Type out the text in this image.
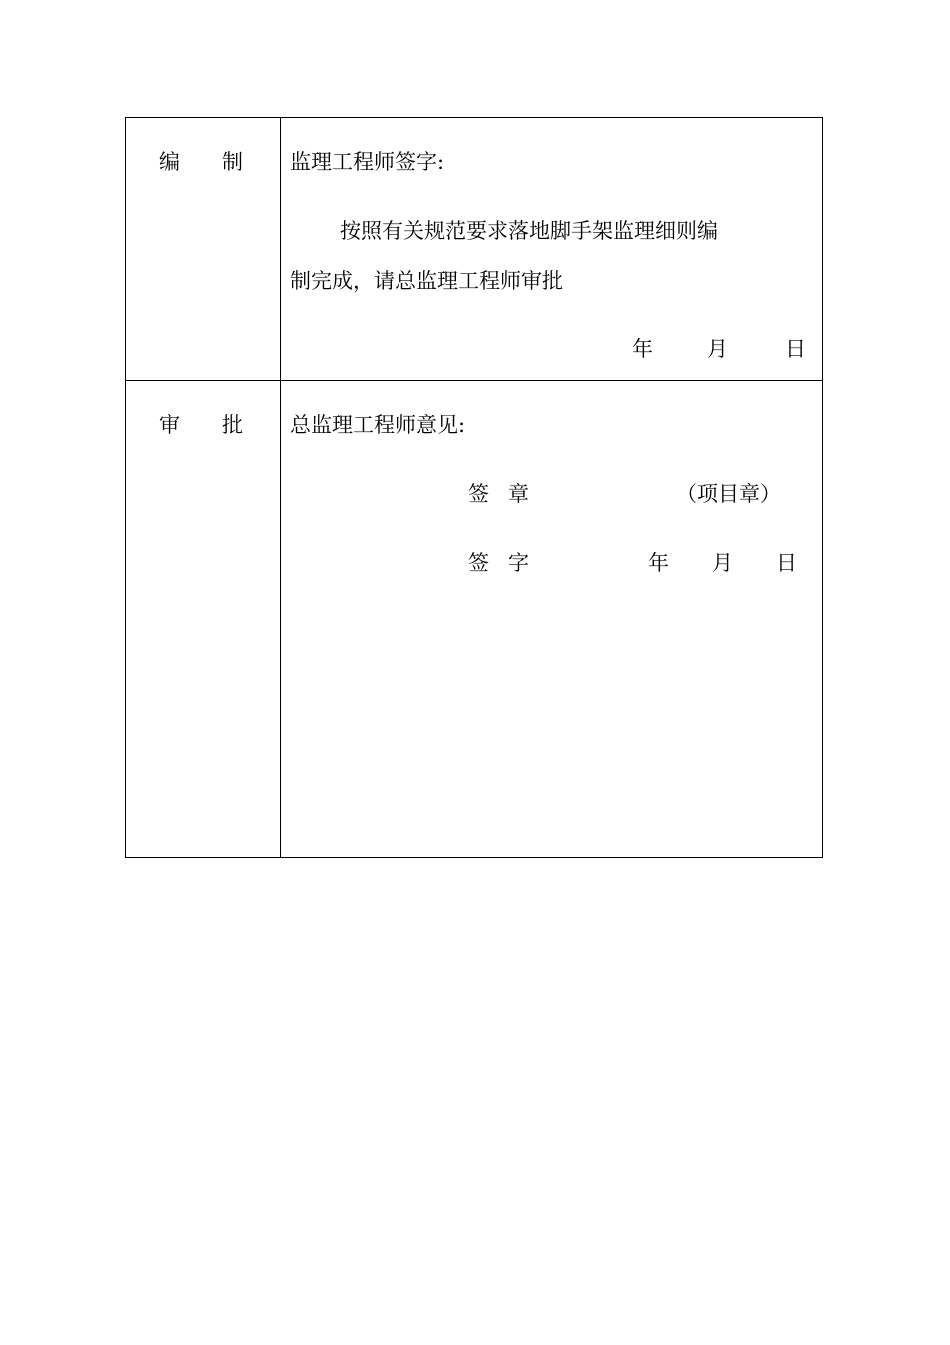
编 制 监理工程师签字:
按照有关规范要求落地脚手架监理细则编
制完成，请总监理工程师审批
年	月	日
审 批 总监理工程师意见:
签 章	（项目章）
签 字	年 月 日
